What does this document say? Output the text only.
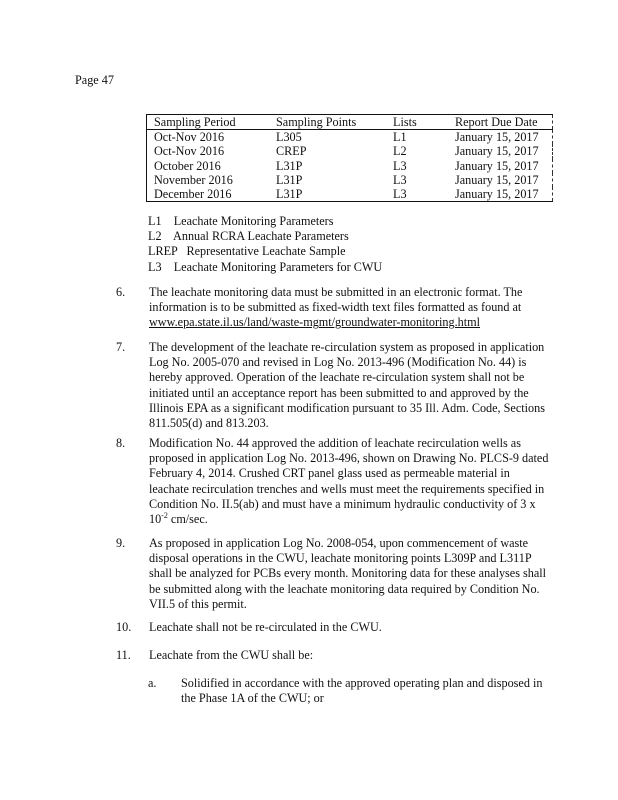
Page 47
Sampling Period	Sampling Points	Lists	Report Due Date
Oct-Nov 2016	L305	L1	January 15, 2017
Oct-Nov 2016	CREP	L2	January 15, 2017
October 2016	L31P	L3	January 15, 2017
November 2016	L31P	L3	January 15, 2017
December 2016	L31P	L3	January 15, 2017
L1    Leachate Monitoring Parameters
L2    Annual RCRA Leachate Parameters
LREP   Representative Leachate Sample
L3    Leachate Monitoring Parameters for CWU
6. The leachate monitoring data must be submitted in an electronic format. The
information is to be submitted as fixed-width text files formatted as found at
www.epa.state.il.us/land/waste-mgmt/groundwater-monitoring.html
7. The development of the leachate re-circulation system as proposed in application
Log No. 2005-070 and revised in Log No. 2013-496 (Modification No. 44) is
hereby approved. Operation of the leachate re-circulation system shall not be
initiated until an acceptance report has been submitted to and approved by the
Illinois EPA as a significant modification pursuant to 35 Ill. Adm. Code, Sections
811.505(d) and 813.203.
8. Modification No. 44 approved the addition of leachate recirculation wells as
proposed in application Log No. 2013-496, shown on Drawing No. PLCS-9 dated
February 4, 2014. Crushed CRT panel glass used as permeable material in
leachate recirculation trenches and wells must meet the requirements specified in
Condition No. II.5(ab) and must have a minimum hydraulic conductivity of 3 x
$10^{-2}$ cm/sec.
9. As proposed in application Log No. 2008-054, upon commencement of waste
disposal operations in the CWU, leachate monitoring points L309P and L311P
shall be analyzed for PCBs every month. Monitoring data for these analyses shall
be submitted along with the leachate monitoring data required by Condition No.
VII.5 of this permit.
10. Leachate shall not be re-circulated in the CWU.
11. Leachate from the CWU shall be:
a. Solidified in accordance with the approved operating plan and disposed in
the Phase 1A of the CWU; or
